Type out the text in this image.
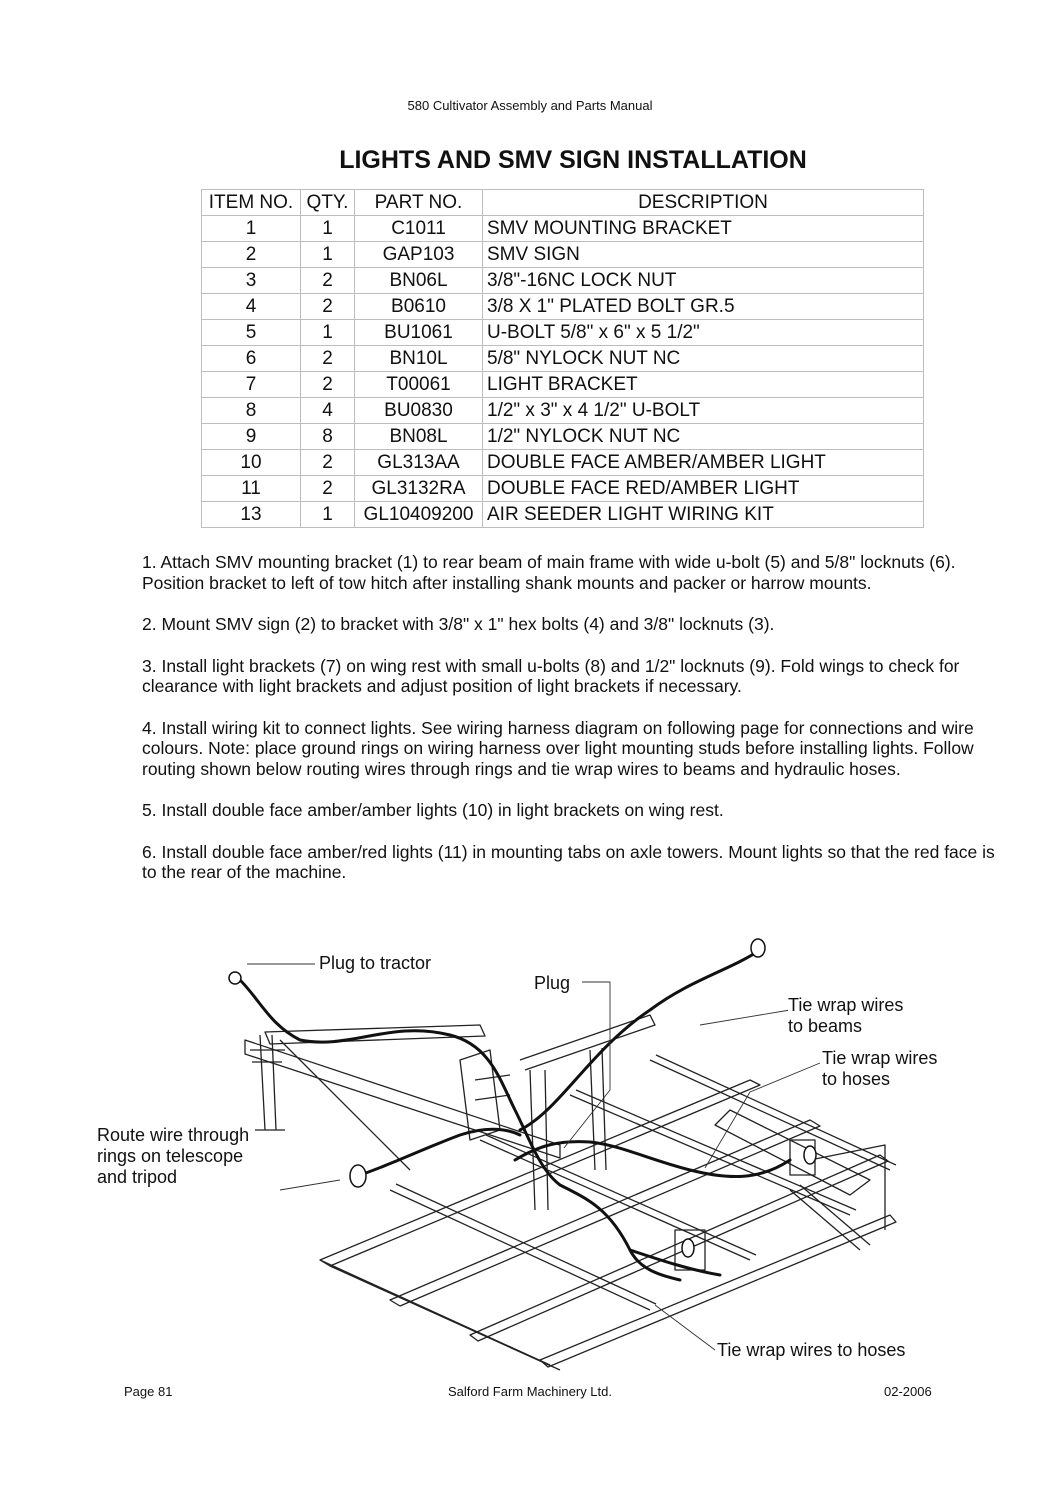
580 Cultivator Assembly and Parts Manual
LIGHTS AND SMV SIGN INSTALLATION
ITEM NO.	QTY.	PART NO.	DESCRIPTION
1	1	C1011	SMV MOUNTING BRACKET
2	1	GAP103	SMV SIGN
3	2	BN06L	3/8"-16NC LOCK NUT
4	2	B0610	3/8 X 1" PLATED BOLT GR.5
5	1	BU1061	U-BOLT 5/8" x 6" x 5 1/2"
6	2	BN10L	5/8" NYLOCK NUT NC
7	2	T00061	LIGHT BRACKET
8	4	BU0830	1/2" x 3" x 4 1/2" U-BOLT
9	8	BN08L	1/2" NYLOCK NUT NC
10	2	GL313AA	DOUBLE FACE AMBER/AMBER LIGHT
11	2	GL3132RA	DOUBLE FACE RED/AMBER LIGHT
13	1	GL10409200	AIR SEEDER LIGHT WIRING KIT

1. Attach SMV mounting bracket (1) to rear beam of main frame with wide u-bolt (5) and 5/8" locknuts (6). Position bracket to left of tow hitch after installing shank mounts and packer or harrow mounts.

2. Mount SMV sign (2) to bracket with 3/8" x 1" hex bolts (4) and 3/8" locknuts (3).

3. Install light brackets (7) on wing rest with small u-bolts (8) and 1/2" locknuts (9). Fold wings to check for clearance with light brackets and adjust position of light brackets if necessary.

4. Install wiring kit to connect lights. See wiring harness diagram on following page for connections and wire colours. Note: place ground rings on wiring harness over light mounting studs before installing lights. Follow routing shown below routing wires through rings and tie wrap wires to beams and hydraulic hoses.

5. Install double face amber/amber lights (10) in light brackets on wing rest.

6. Install double face amber/red lights (11) in mounting tabs on axle towers. Mount lights so that the red face is to the rear of the machine.

Plug to tractor
Plug
Tie wrap wires
to beams
Tie wrap wires
to hoses
Route wire through
rings on telescope
and tripod
Tie wrap wires to hoses
Page 81	Salford Farm Machinery Ltd.	02-2006
